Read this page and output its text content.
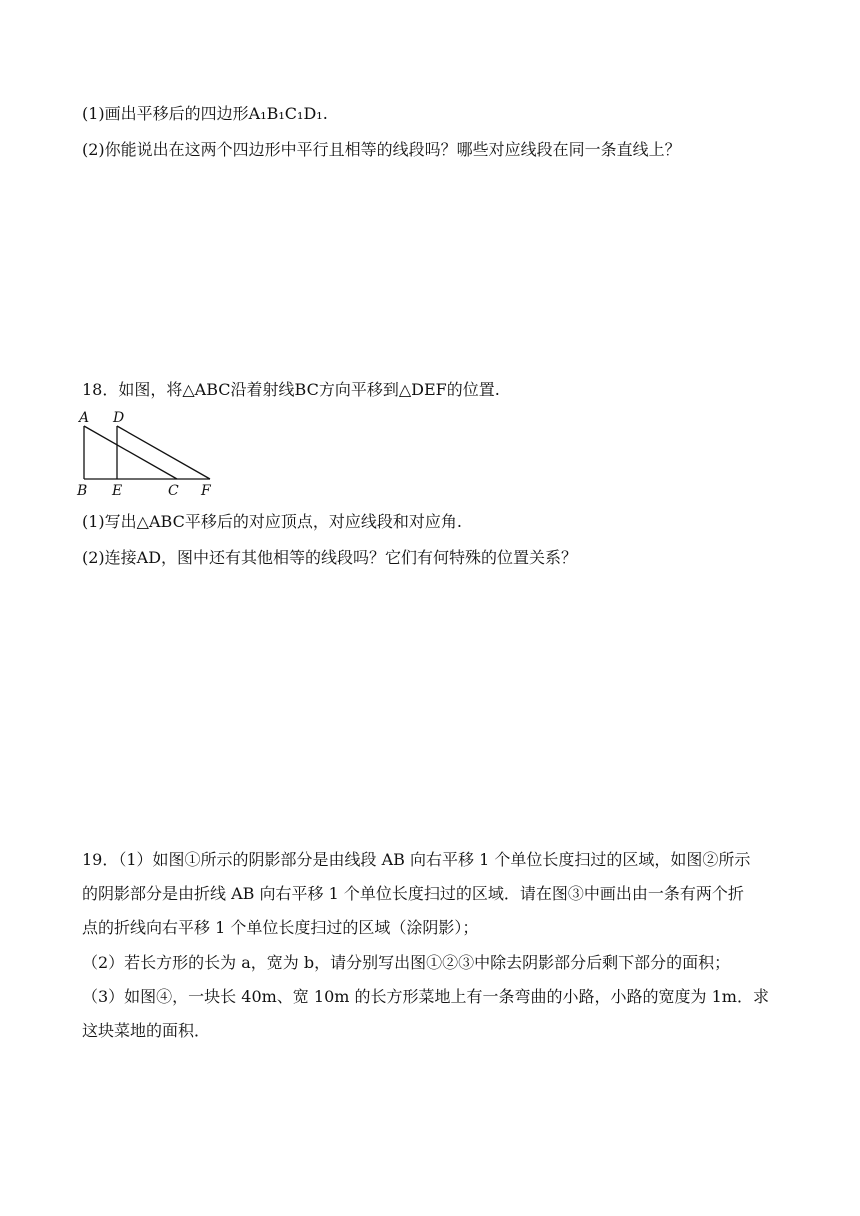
(1)画出平移后的四边形A₁B₁C₁D₁.
(2)你能说出在这两个四边形中平行且相等的线段吗？哪些对应线段在同一条直线上？
18．如图，将△ABC沿着射线BC方向平移到△DEF的位置.
A D
B E	C F
(1)写出△ABC平移后的对应顶点，对应线段和对应角.
(2)连接AD，图中还有其他相等的线段吗？它们有何特殊的位置关系？
19．（1）如图①所示的阴影部分是由线段 AB 向右平移 1 个单位长度扫过的区域，如图②所示
的阴影部分是由折线 AB 向右平移 1 个单位长度扫过的区域．请在图③中画出由一条有两个折
点的折线向右平移 1 个单位长度扫过的区域（涂阴影）；
（2）若长方形的长为 a，宽为 b，请分别写出图①②③中除去阴影部分后剩下部分的面积；
（3）如图④，一块长 40m、宽 10m 的长方形菜地上有一条弯曲的小路，小路的宽度为 1m．求
这块菜地的面积．
